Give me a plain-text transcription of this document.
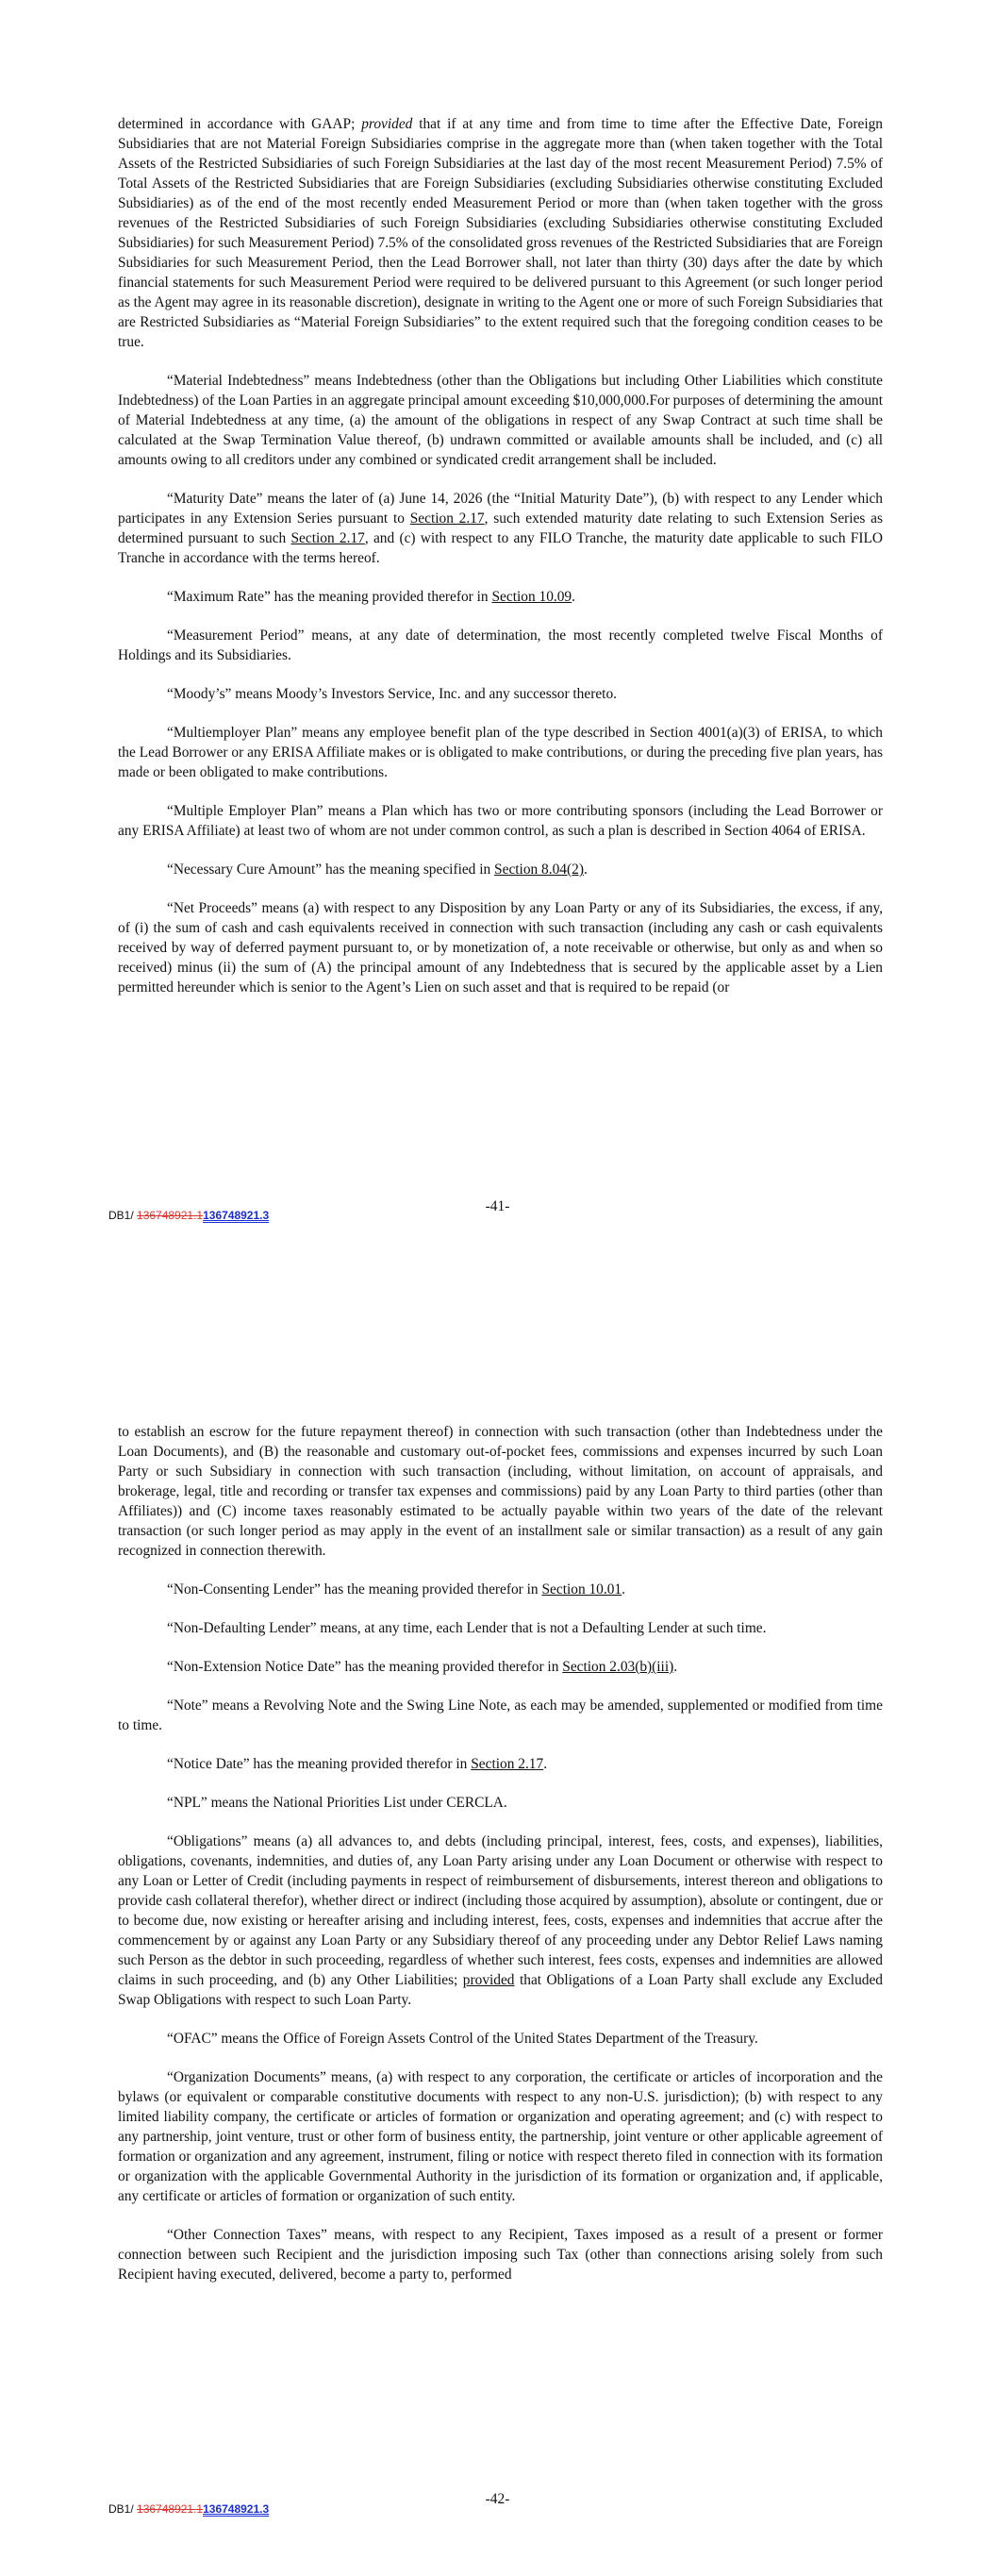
determined in accordance with GAAP; provided that if at any time and from time to time after the Effective Date, Foreign Subsidiaries that are not Material Foreign Subsidiaries comprise in the aggregate more than (when taken together with the Total Assets of the Restricted Subsidiaries of such Foreign Subsidiaries at the last day of the most recent Measurement Period) 7.5% of Total Assets of the Restricted Subsidiaries that are Foreign Subsidiaries (excluding Subsidiaries otherwise constituting Excluded Subsidiaries) as of the end of the most recently ended Measurement Period or more than (when taken together with the gross revenues of the Restricted Subsidiaries of such Foreign Subsidiaries (excluding Subsidiaries otherwise constituting Excluded Subsidiaries) for such Measurement Period) 7.5% of the consolidated gross revenues of the Restricted Subsidiaries that are Foreign Subsidiaries for such Measurement Period, then the Lead Borrower shall, not later than thirty (30) days after the date by which financial statements for such Measurement Period were required to be delivered pursuant to this Agreement (or such longer period as the Agent may agree in its reasonable discretion), designate in writing to the Agent one or more of such Foreign Subsidiaries that are Restricted Subsidiaries as “Material Foreign Subsidiaries” to the extent required such that the foregoing condition ceases to be true.

“Material Indebtedness” means Indebtedness (other than the Obligations but including Other Liabilities which constitute Indebtedness) of the Loan Parties in an aggregate principal amount exceeding $10,000,000.For purposes of determining the amount of Material Indebtedness at any time, (a) the amount of the obligations in respect of any Swap Contract at such time shall be calculated at the Swap Termination Value thereof, (b) undrawn committed or available amounts shall be included, and (c) all amounts owing to all creditors under any combined or syndicated credit arrangement shall be included.

“Maturity Date” means the later of (a) June 14, 2026 (the “Initial Maturity Date”), (b) with respect to any Lender which participates in any Extension Series pursuant to Section 2.17, such extended maturity date relating to such Extension Series as determined pursuant to such Section 2.17, and (c) with respect to any FILO Tranche, the maturity date applicable to such FILO Tranche in accordance with the terms hereof.

“Maximum Rate” has the meaning provided therefor in Section 10.09.

“Measurement Period” means, at any date of determination, the most recently completed twelve Fiscal Months of Holdings and its Subsidiaries.

“Moody’s” means Moody’s Investors Service, Inc. and any successor thereto.

“Multiemployer Plan” means any employee benefit plan of the type described in Section 4001(a)(3) of ERISA, to which the Lead Borrower or any ERISA Affiliate makes or is obligated to make contributions, or during the preceding five plan years, has made or been obligated to make contributions.

“Multiple Employer Plan” means a Plan which has two or more contributing sponsors (including the Lead Borrower or any ERISA Affiliate) at least two of whom are not under common control, as such a plan is described in Section 4064 of ERISA.

“Necessary Cure Amount” has the meaning specified in Section 8.04(2).

“Net Proceeds” means (a) with respect to any Disposition by any Loan Party or any of its Subsidiaries, the excess, if any, of (i) the sum of cash and cash equivalents received in connection with such transaction (including any cash or cash equivalents received by way of deferred payment pursuant to, or by monetization of, a note receivable or otherwise, but only as and when so received) minus (ii) the sum of (A) the principal amount of any Indebtedness that is secured by the applicable asset by a Lien permitted hereunder which is senior to the Agent’s Lien on such asset and that is required to be repaid (or

-41-
DB1/ 136748921.1136748921.3

to establish an escrow for the future repayment thereof) in connection with such transaction (other than Indebtedness under the Loan Documents), and (B) the reasonable and customary out-of-pocket fees, commissions and expenses incurred by such Loan Party or such Subsidiary in connection with such transaction (including, without limitation, on account of appraisals, and brokerage, legal, title and recording or transfer tax expenses and commissions) paid by any Loan Party to third parties (other than Affiliates)) and (C) income taxes reasonably estimated to be actually payable within two years of the date of the relevant transaction (or such longer period as may apply in the event of an installment sale or similar transaction) as a result of any gain recognized in connection therewith.

“Non-Consenting Lender” has the meaning provided therefor in Section 10.01.

“Non-Defaulting Lender” means, at any time, each Lender that is not a Defaulting Lender at such time.

“Non-Extension Notice Date” has the meaning provided therefor in Section 2.03(b)(iii).

“Note” means a Revolving Note and the Swing Line Note, as each may be amended, supplemented or modified from time to time.

“Notice Date” has the meaning provided therefor in Section 2.17.

“NPL” means the National Priorities List under CERCLA.

“Obligations” means (a) all advances to, and debts (including principal, interest, fees, costs, and expenses), liabilities, obligations, covenants, indemnities, and duties of, any Loan Party arising under any Loan Document or otherwise with respect to any Loan or Letter of Credit (including payments in respect of reimbursement of disbursements, interest thereon and obligations to provide cash collateral therefor), whether direct or indirect (including those acquired by assumption), absolute or contingent, due or to become due, now existing or hereafter arising and including interest, fees, costs, expenses and indemnities that accrue after the commencement by or against any Loan Party or any Subsidiary thereof of any proceeding under any Debtor Relief Laws naming such Person as the debtor in such proceeding, regardless of whether such interest, fees costs, expenses and indemnities are allowed claims in such proceeding, and (b) any Other Liabilities; provided that Obligations of a Loan Party shall exclude any Excluded Swap Obligations with respect to such Loan Party.

“OFAC” means the Office of Foreign Assets Control of the United States Department of the Treasury.

“Organization Documents” means, (a) with respect to any corporation, the certificate or articles of incorporation and the bylaws (or equivalent or comparable constitutive documents with respect to any non-U.S. jurisdiction); (b) with respect to any limited liability company, the certificate or articles of formation or organization and operating agreement; and (c) with respect to any partnership, joint venture, trust or other form of business entity, the partnership, joint venture or other applicable agreement of formation or organization and any agreement, instrument, filing or notice with respect thereto filed in connection with its formation or organization with the applicable Governmental Authority in the jurisdiction of its formation or organization and, if applicable, any certificate or articles of formation or organization of such entity.

“Other Connection Taxes” means, with respect to any Recipient, Taxes imposed as a result of a present or former connection between such Recipient and the jurisdiction imposing such Tax (other than connections arising solely from such Recipient having executed, delivered, become a party to, performed

-42-
DB1/ 136748921.1136748921.3
